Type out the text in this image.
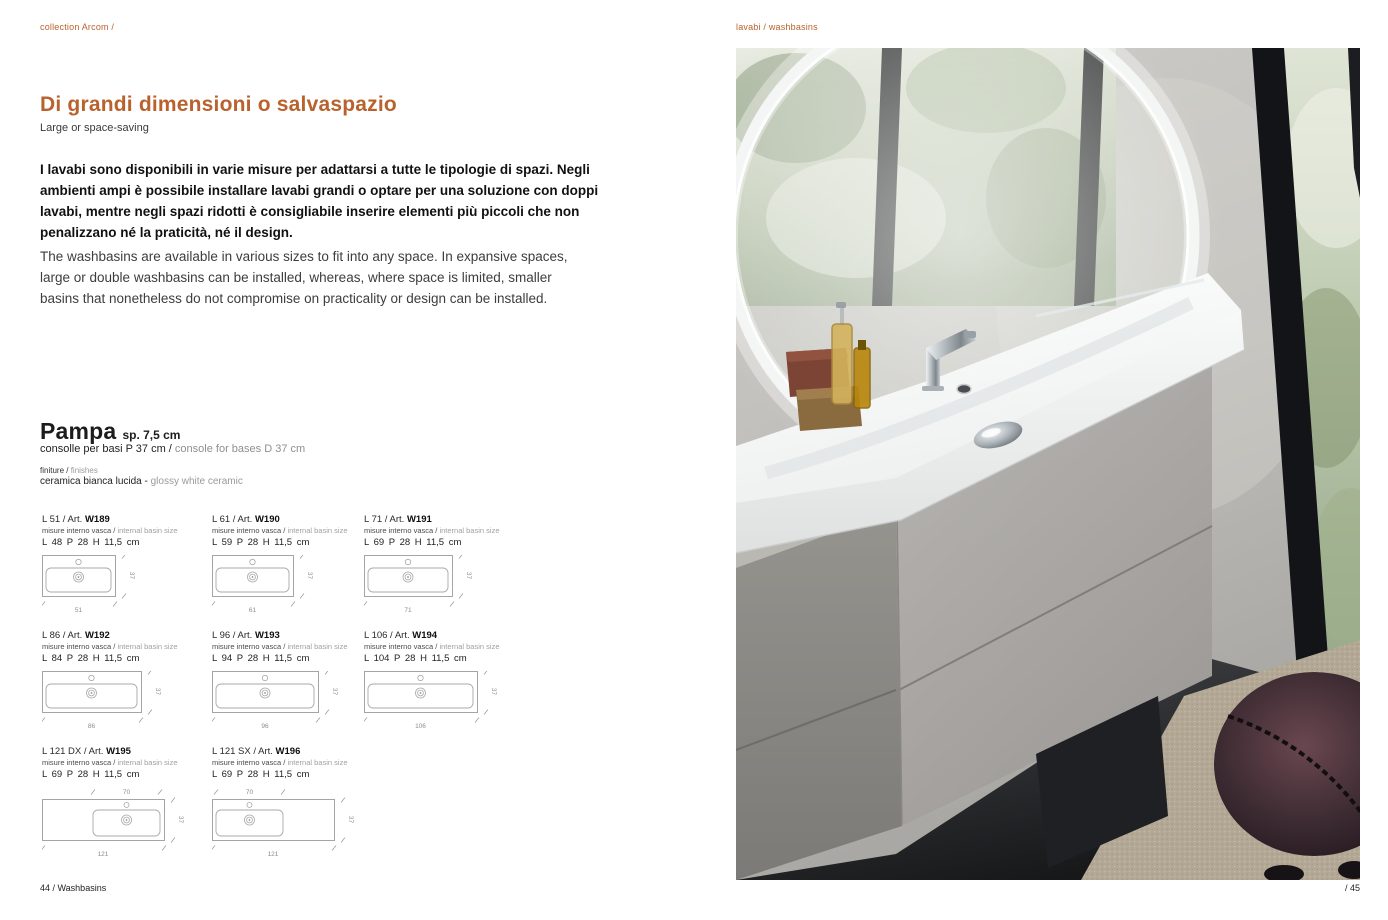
collection Arcom /
Di grandi dimensioni o salvaspazio
Large or space-saving
I lavabi sono disponibili in varie misure per adattarsi a tutte le tipologie di spazi. Negli ambienti ampi è possibile installare lavabi grandi o optare per una soluzione con doppi lavabi, mentre negli spazi ridotti è consigliabile inserire elementi più piccoli che non penalizzano né la praticità, né il design.
The washbasins are available in various sizes to fit into any space. In expansive spaces, large or double washbasins can be installed, whereas, where space is limited, smaller basins that nonetheless do not compromise on practicality or design can be installed.
Pampa sp. 7,5 cm
consolle per basi P 37 cm / console for bases D 37 cm
finiture / finishes
ceramica bianca lucida - glossy white ceramic
L 51 / Art. W189
misure interno vasca / internal basin size
L 48 P 28 H 11,5 cm
51
37
L 61 / Art. W190
misure interno vasca / internal basin size
L 59 P 28 H 11,5 cm
61
37
L 71 / Art. W191
misure interno vasca / internal basin size
L 69 P 28 H 11,5 cm
71
37
L 86 / Art. W192
misure interno vasca / internal basin size
L 84 P 28 H 11,5 cm
86
37
L 96 / Art. W193
misure interno vasca / internal basin size
L 94 P 28 H 11,5 cm
96
37
L 106 / Art. W194
misure interno vasca / internal basin size
L 104 P 28 H 11,5 cm
106
37
L 121 DX / Art. W195
misure interno vasca / internal basin size
L 69 P 28 H 11,5 cm
70
121
37
L 121 SX / Art. W196
misure interno vasca / internal basin size
L 69 P 28 H 11,5 cm
70
121
37
44 / Washbasins
lavabi / washbasins
/ 45
